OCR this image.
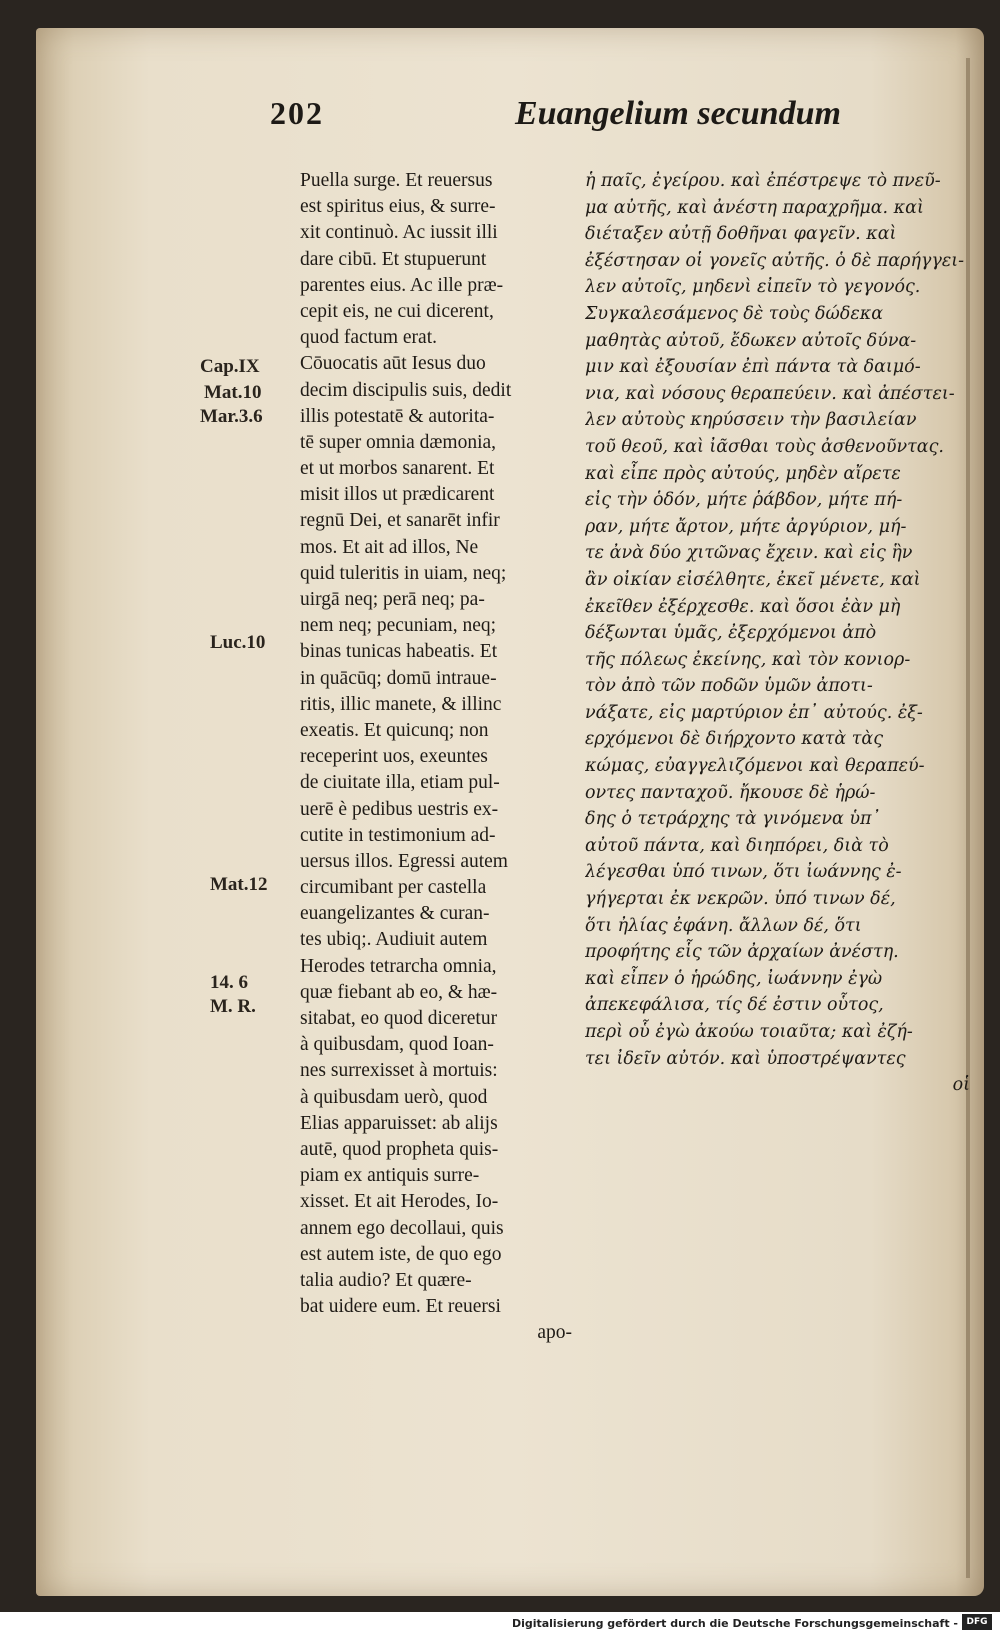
202	Euangelium secundum
Cap.IX
Mat.10
Mar.3.6
Luc.10
Mat.12
14. 6
M. R.
Puella surge. Et reuersus
est spiritus eius, & surre-
xit continuò. Ac iussit illi
dare cibū. Et stupuerunt
parentes eius. Ac ille præ-
cepit eis, ne cui dicerent,
quod factum erat.
Cōuocatis aūt Iesus duo
decim discipulis suis, dedit
illis potestatē & autorita-
tē super omnia dæmonia,
et ut morbos sanarent. Et
misit illos ut prædicarent
regnū Dei, et sanarēt infir
mos. Et ait ad illos, Ne
quid tuleritis in uiam, neq;
uirgā neq; perā neq; pa-
nem neq; pecuniam, neq;
binas tunicas habeatis. Et
in quācūq; domū intraue-
ritis, illic manete, & illinc
exeatis. Et quicunq; non
receperint uos, exeuntes
de ciuitate illa, etiam pul-
uerē è pedibus uestris ex-
cutite in testimonium ad-
uersus illos. Egressi autem
circumibant per castella
euangelizantes & curan-
tes ubiq;. Audiuit autem
Herodes tetrarcha omnia,
quæ fiebant ab eo, & hæ-
sitabat, eo quod diceretur
à quibusdam, quod Ioan-
nes surrexisset à mortuis:
à quibusdam uerò, quod
Elias apparuisset: ab alijs
autē, quod propheta quis-
piam ex antiquis surre-
xisset. Et ait Herodes, Io-
annem ego decollaui, quis
est autem iste, de quo ego
talia audio? Et quære-
bat uidere eum. Et reuersi
apo-
ἡ παῖς, ἐγείρου. καὶ ἐπέστρεψε τὸ πνεῦ-
μα αὐτῆς, καὶ ἀνέστη παραχρῆμα. καὶ
διέταξεν αὐτῇ δοθῆναι φαγεῖν. καὶ
ἐξέστησαν οἱ γονεῖς αὐτῆς. ὁ δὲ παρήγγει-
λεν αὐτοῖς, μηδενὶ εἰπεῖν τὸ γεγονός.
Συγκαλεσάμενος δὲ τοὺς δώδεκα
μαθητὰς αὐτοῦ, ἔδωκεν αὐτοῖς δύνα-
μιν καὶ ἐξουσίαν ἐπὶ πάντα τὰ δαιμό-
νια, καὶ νόσους θεραπεύειν. καὶ ἀπέστει-
λεν αὐτοὺς κηρύσσειν τὴν βασιλείαν
τοῦ θεοῦ, καὶ ἰᾶσθαι τοὺς ἀσθενοῦντας.
καὶ εἶπε πρὸς αὐτούς, μηδὲν αἴρετε
εἰς τὴν ὁδόν, μήτε ῥάβδον, μήτε πή-
ραν, μήτε ἄρτον, μήτε ἀργύριον, μή-
τε ἀνὰ δύο χιτῶνας ἔχειν. καὶ εἰς ἣν
ἂν οἰκίαν εἰσέλθητε, ἐκεῖ μένετε, καὶ
ἐκεῖθεν ἐξέρχεσθε. καὶ ὅσοι ἐὰν μὴ
δέξωνται ὑμᾶς, ἐξερχόμενοι ἀπὸ
τῆς πόλεως ἐκείνης, καὶ τὸν κονιορ-
τὸν ἀπὸ τῶν ποδῶν ὑμῶν ἀποτι-
νάξατε, εἰς μαρτύριον ἐπ᾽ αὐτούς. ἐξ-
ερχόμενοι δὲ διήρχοντο κατὰ τὰς
κώμας, εὐαγγελιζόμενοι καὶ θεραπεύ-
οντες πανταχοῦ. ἤκουσε δὲ ἡρώ-
δης ὁ τετράρχης τὰ γινόμενα ὑπ᾽
αὐτοῦ πάντα, καὶ διηπόρει, διὰ τὸ
λέγεσθαι ὑπό τινων, ὅτι ἰωάννης ἐ-
γήγερται ἐκ νεκρῶν. ὑπό τινων δέ,
ὅτι ἠλίας ἐφάνη. ἄλλων δέ, ὅτι
προφήτης εἷς τῶν ἀρχαίων ἀνέστη.
καὶ εἶπεν ὁ ἡρώδης, ἰωάννην ἐγὼ
ἀπεκεφάλισα, τίς δέ ἐστιν οὗτος,
περὶ οὗ ἐγὼ ἀκούω τοιαῦτα; καὶ ἐζή-
τει ἰδεῖν αὐτόν. καὶ ὑποστρέψαντες
οἱ
Digitalisierung gefördert durch die Deutsche Forschungsgemeinschaft - DFG
